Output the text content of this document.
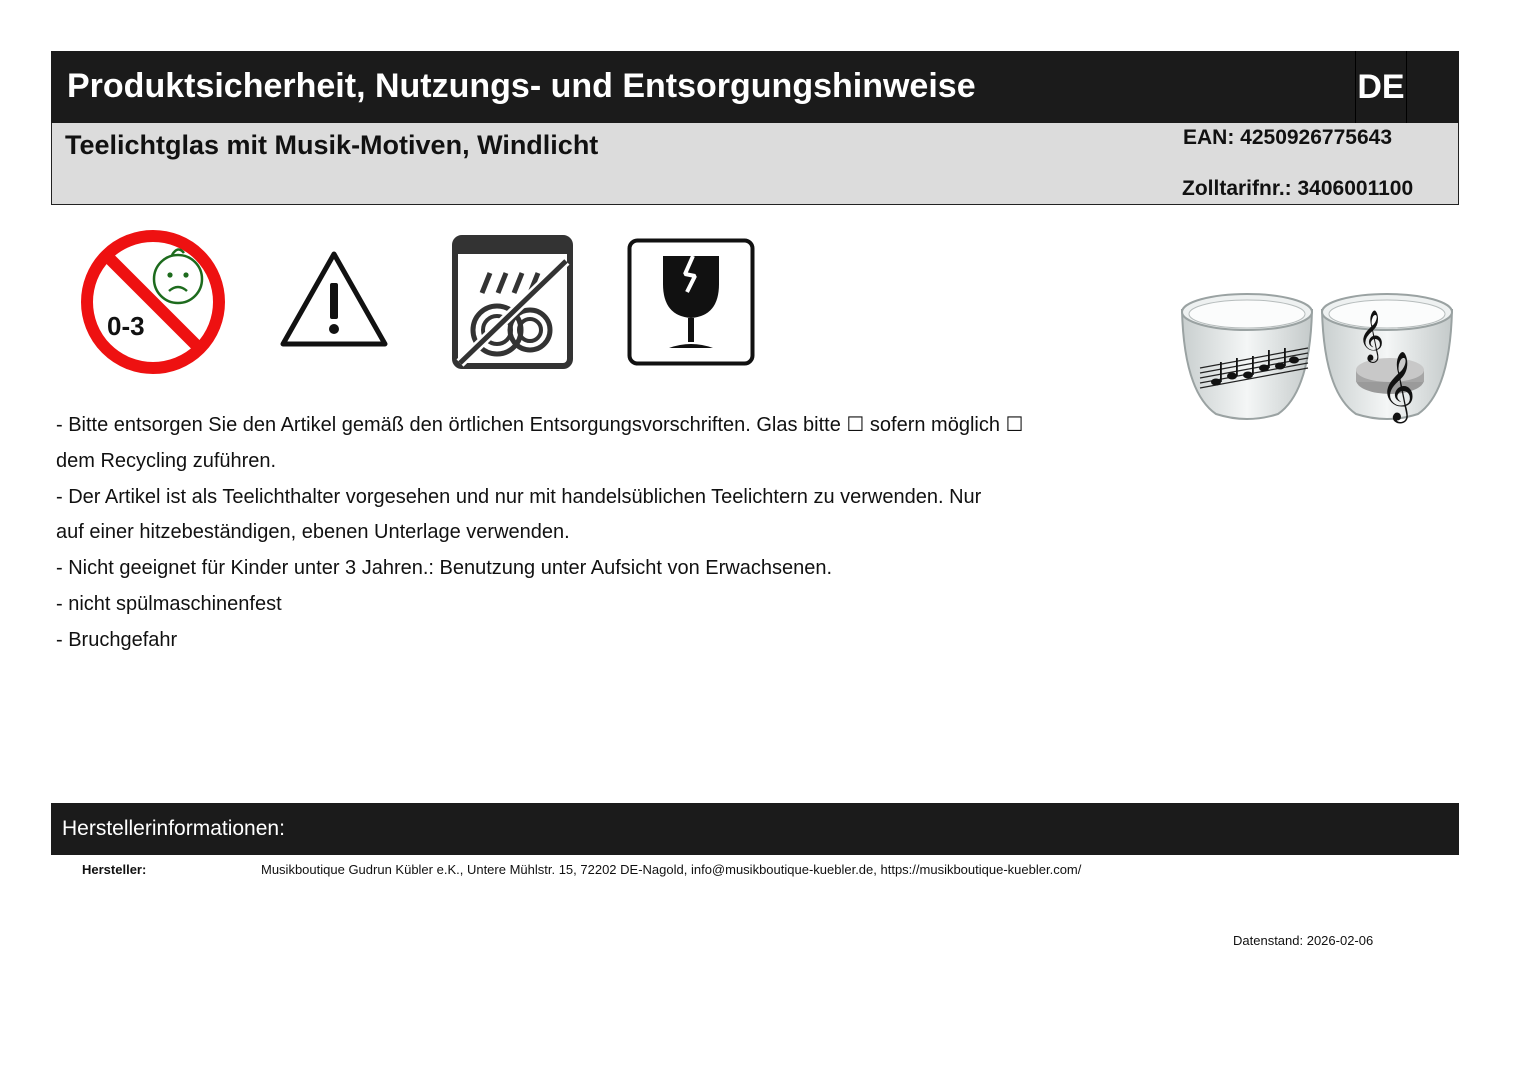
Produktsicherheit, Nutzungs- und Entsorgungshinweise	DE
Teelichtglas mit Musik-Motiven, Windlicht	EAN: 4250926775643
Zolltarifnr.: 3406001100
0-3	𝄞
𝄞
- Bitte entsorgen Sie den Artikel gemäß den örtlichen Entsorgungsvorschriften. Glas bitte ☐ sofern möglich ☐
dem Recycling zuführen.
- Der Artikel ist als Teelichthalter vorgesehen und nur mit handelsüblichen Teelichtern zu verwenden. Nur
auf einer hitzebeständigen, ebenen Unterlage verwenden.
- Nicht geeignet für Kinder unter 3 Jahren.: Benutzung unter Aufsicht von Erwachsenen.
- nicht spülmaschinenfest
- Bruchgefahr
Herstellerinformationen:
Hersteller:	Musikboutique Gudrun Kübler e.K., Untere Mühlstr. 15, 72202 DE-Nagold, info@musikboutique-kuebler.de, https://musikboutique-kuebler.com/
Datenstand: 2026-02-06
